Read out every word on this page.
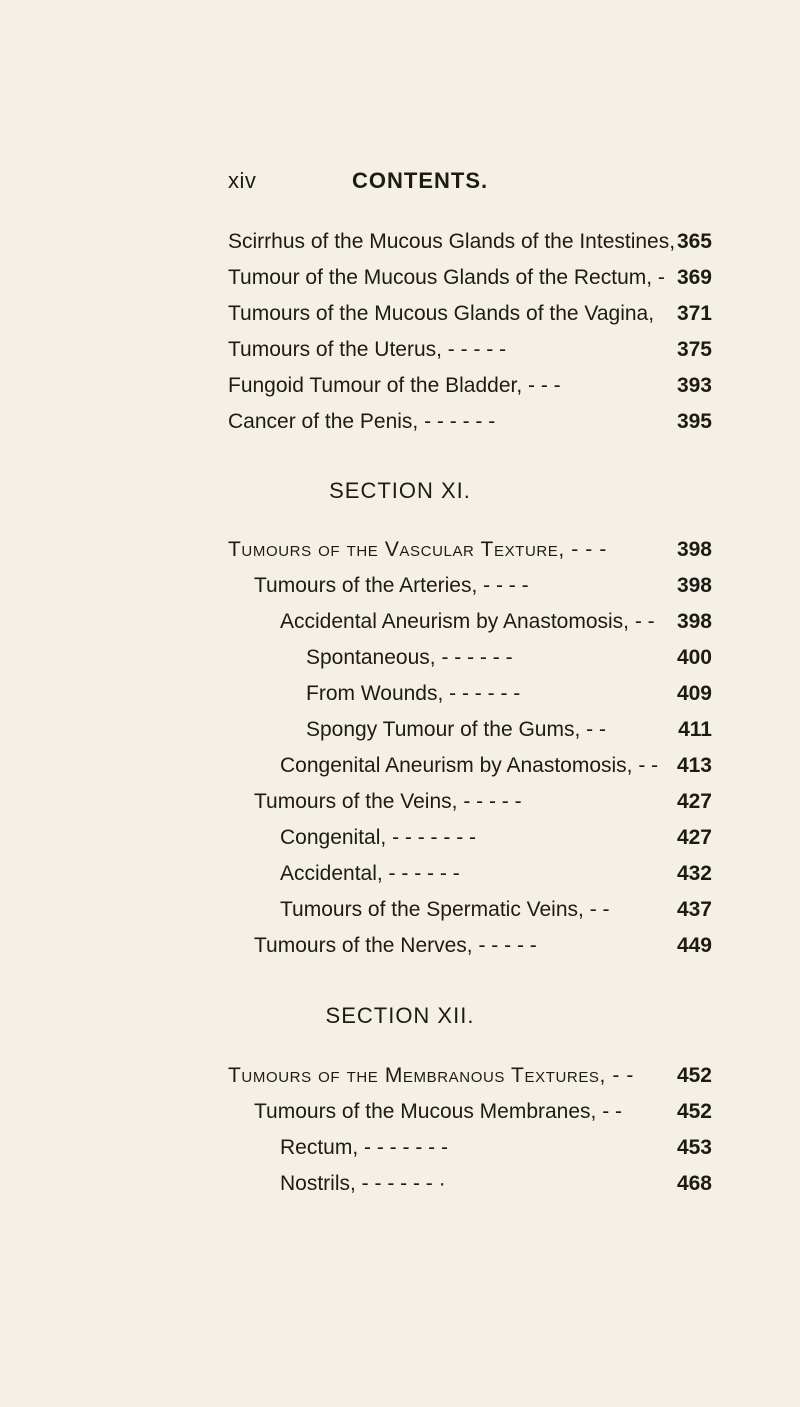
xiv	CONTENTS.
Scirrhus of the Mucous Glands of the Intestines, 365
Tumour of the Mucous Glands of the Rectum, - 369
Tumours of the Mucous Glands of the Vagina,	371
Tumours of the Uterus, - - - - -	375
Fungoid Tumour of the Bladder, - - -	393
Cancer of the Penis, - - - - - -	395
SECTION XI.
Tumours of the Vascular Texture, - - -	398
Tumours of the Arteries, - - - -	398
Accidental Aneurism by Anastomosis, - -	398
Spontaneous, - - - - - -	400
From Wounds, - - - - - -	409
Spongy Tumour of the Gums, - -	411
Congenital Aneurism by Anastomosis, - - 413
Tumours of the Veins, - - - - -	427
Congenital, - - - - - - -	427
Accidental, - - - - - -	432
Tumours of the Spermatic Veins, - -	437
Tumours of the Nerves, - - - - -	449
SECTION XII.
Tumours of the Membranous Textures, - -	452
Tumours of the Mucous Membranes, - -	452
Rectum, - - - - - - -	453
Nostrils, - - - - - - ·	468
